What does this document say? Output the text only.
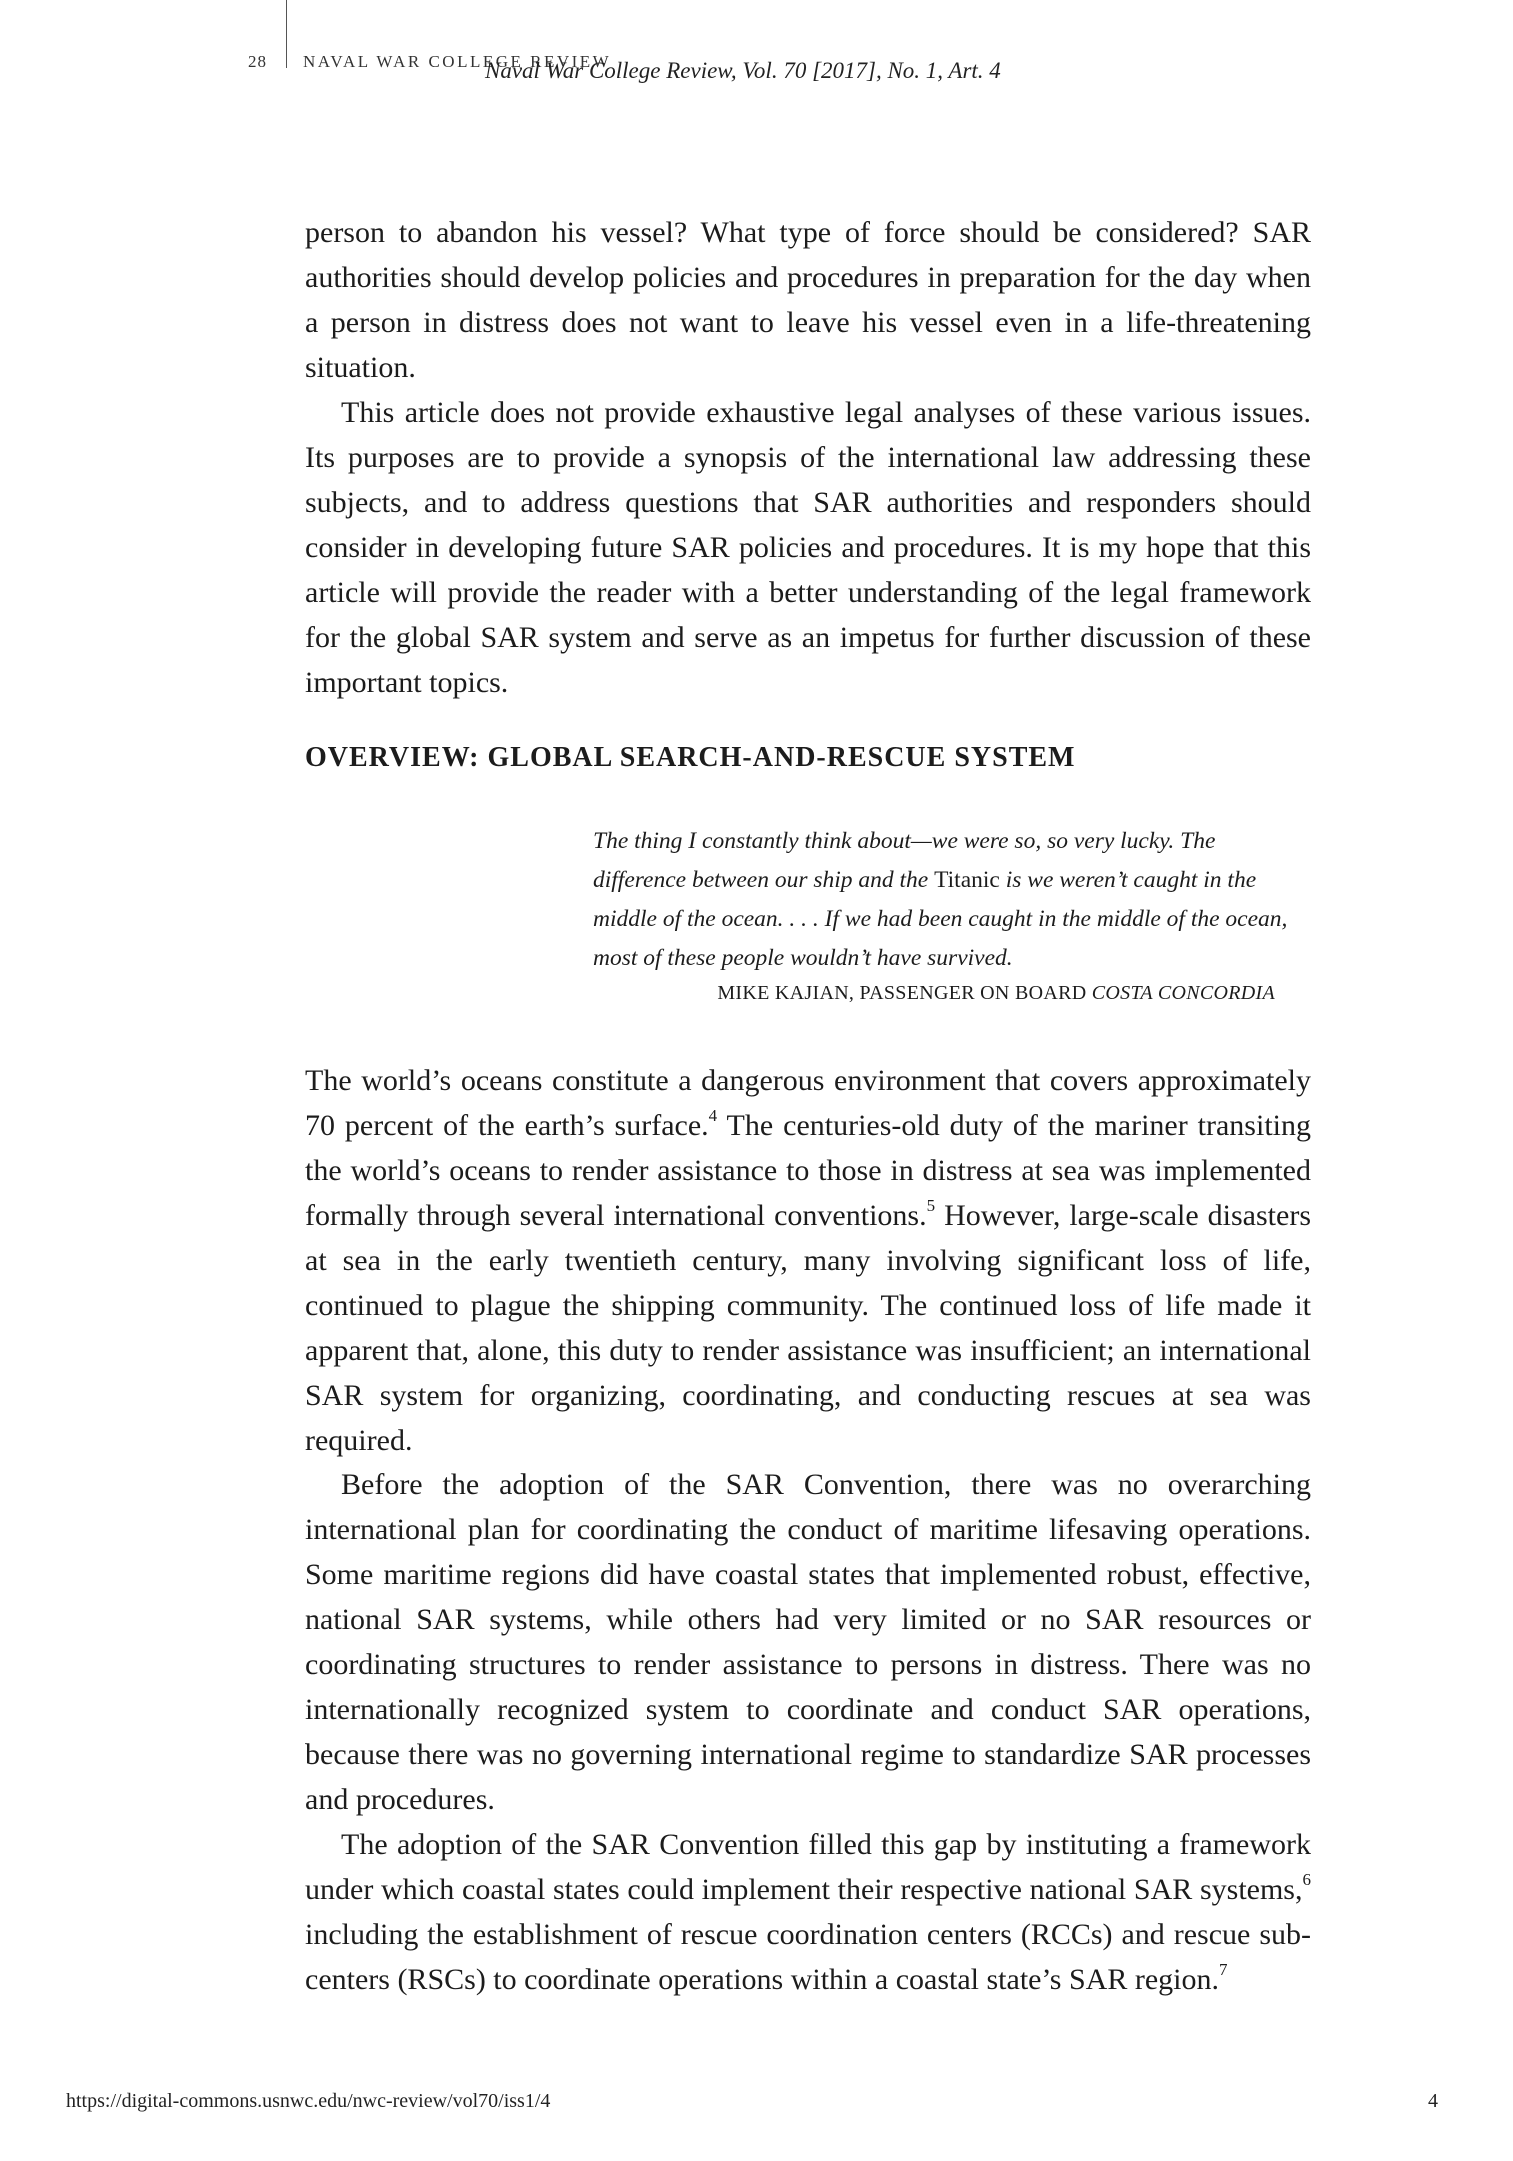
28 NAVAL WAR COLLEGE REVIEW
Naval War College Review, Vol. 70 [2017], No. 1, Art. 4

person to abandon his vessel? What type of force should be considered? SAR authorities should develop policies and procedures in preparation for the day when a person in distress does not want to leave his vessel even in a life-threatening situation.

This article does not provide exhaustive legal analyses of these various issues. Its purposes are to provide a synopsis of the international law addressing these subjects, and to address questions that SAR authorities and responders should consider in developing future SAR policies and procedures. It is my hope that this article will provide the reader with a better understanding of the legal framework for the global SAR system and serve as an impetus for further discussion of these important topics.

OVERVIEW: GLOBAL SEARCH-AND-RESCUE SYSTEM

The thing I constantly think about—we were so, so very lucky. The difference between our ship and the Titanic is we weren’t caught in the middle of the ocean. . . . If we had been caught in the middle of the ocean, most of these people wouldn’t have survived.

MIKE KAJIAN, PASSENGER ON BOARD COSTA CONCORDIA

The world’s oceans constitute a dangerous environment that covers approximately 70 percent of the earth’s surface.$^4$ The centuries-old duty of the mariner transiting the world’s oceans to render assistance to those in distress at sea was implemented formally through several international conventions.$^5$ However, large-scale disasters at sea in the early twentieth century, many involving significant loss of life, continued to plague the shipping community. The continued loss of life made it apparent that, alone, this duty to render assistance was insufficient; an international SAR system for organizing, coordinating, and conducting rescues at sea was required.

Before the adoption of the SAR Convention, there was no overarching international plan for coordinating the conduct of maritime lifesaving operations. Some maritime regions did have coastal states that implemented robust, effective, national SAR systems, while others had very limited or no SAR resources or coordinating structures to render assistance to persons in distress. There was no internationally recognized system to coordinate and conduct SAR operations, because there was no governing international regime to standardize SAR processes and procedures.

The adoption of the SAR Convention filled this gap by instituting a framework under which coastal states could implement their respective national SAR systems,$^6$ including the establishment of rescue coordination centers (RCCs) and rescue sub-centers (RSCs) to coordinate operations within a coastal state’s SAR region.$^7$

https://digital-commons.usnwc.edu/nwc-review/vol70/iss1/4	4
